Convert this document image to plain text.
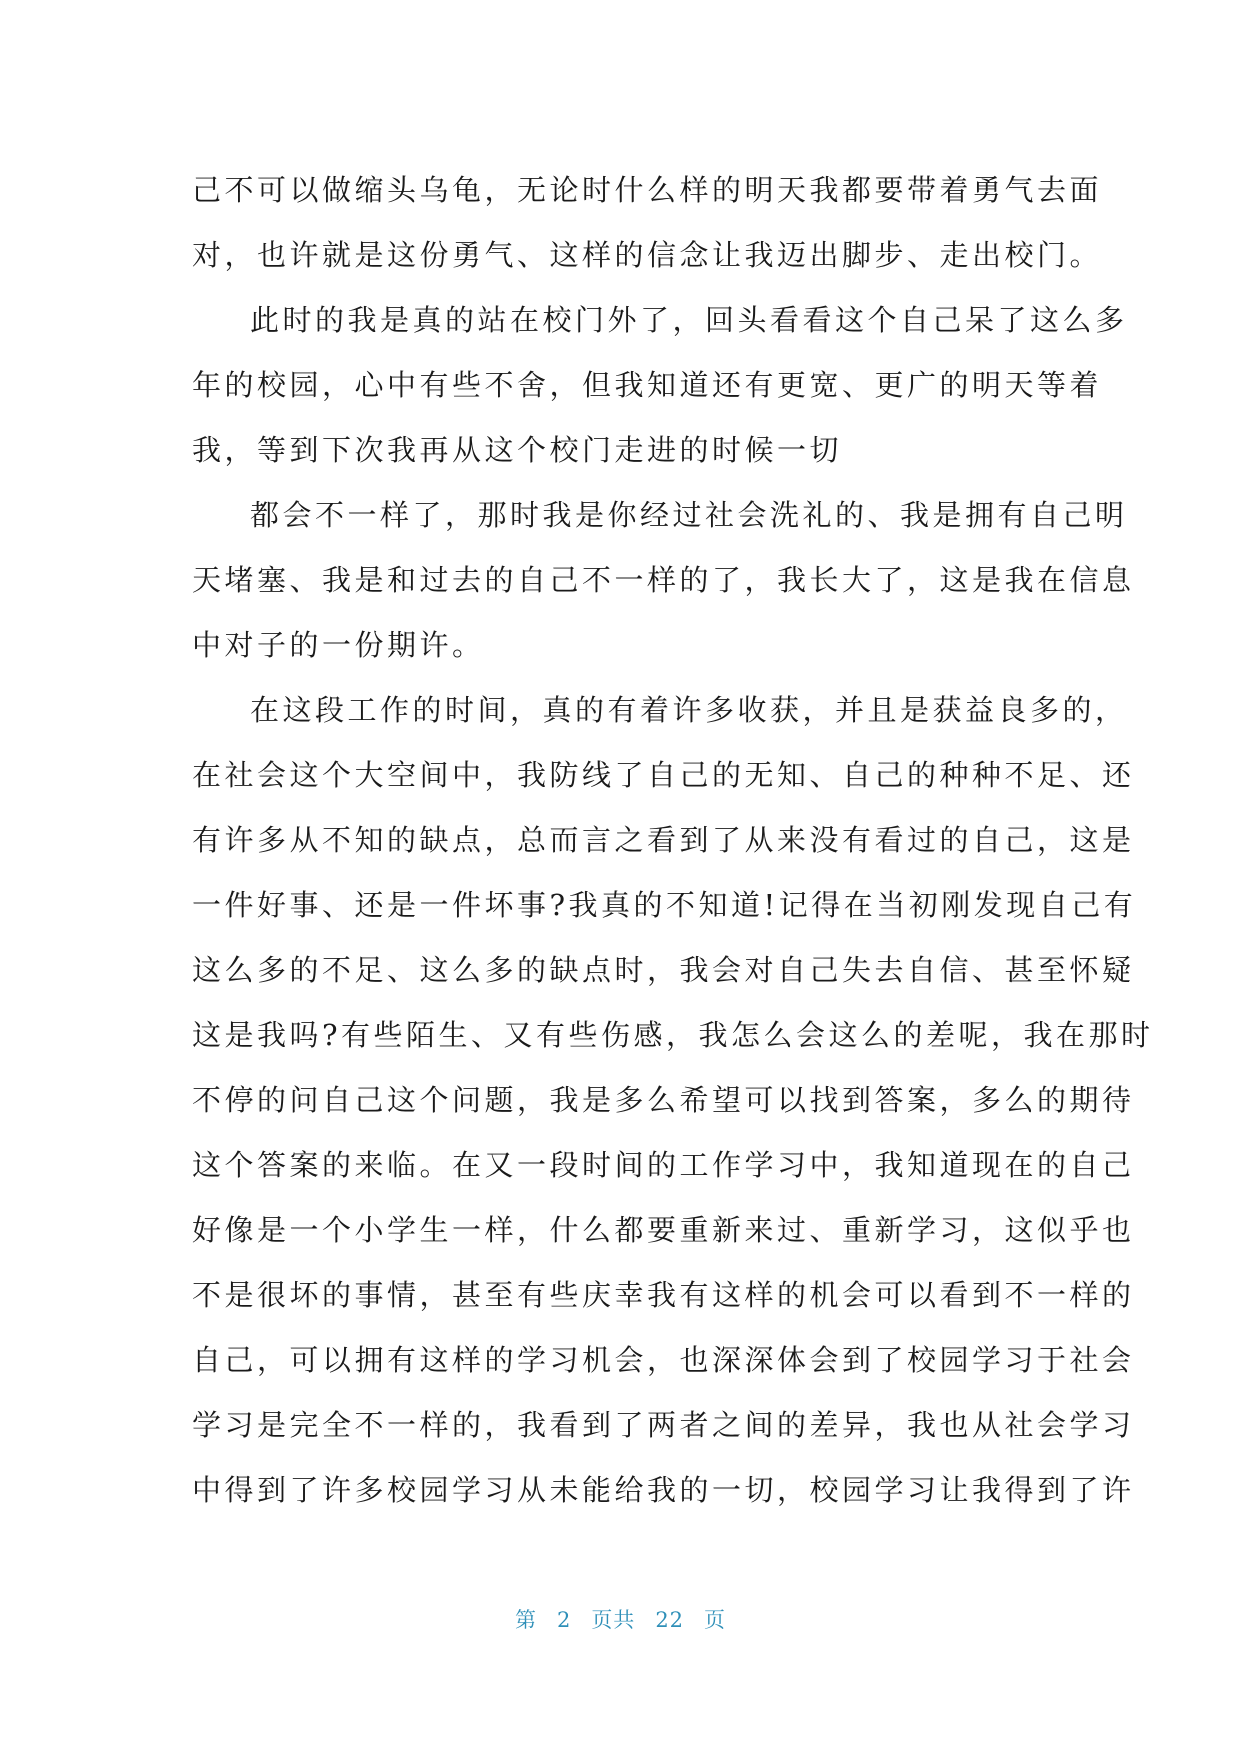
己不可以做缩头乌龟，无论时什么样的明天我都要带着勇气去面
对，也许就是这份勇气、这样的信念让我迈出脚步、走出校门。
此时的我是真的站在校门外了，回头看看这个自己呆了这么多
年的校园，心中有些不舍，但我知道还有更宽、更广的明天等着
我，等到下次我再从这个校门走进的时候一切
都会不一样了，那时我是你经过社会洗礼的、我是拥有自己明
天堵塞、我是和过去的自己不一样的了，我长大了，这是我在信息
中对子的一份期许。
在这段工作的时间，真的有着许多收获，并且是获益良多的，
在社会这个大空间中，我防线了自己的无知、自己的种种不足、还
有许多从不知的缺点，总而言之看到了从来没有看过的自己，这是
一件好事、还是一件坏事?我真的不知道!记得在当初刚发现自己有
这么多的不足、这么多的缺点时，我会对自己失去自信、甚至怀疑
这是我吗?有些陌生、又有些伤感，我怎么会这么的差呢，我在那时
不停的问自己这个问题，我是多么希望可以找到答案，多么的期待
这个答案的来临。在又一段时间的工作学习中，我知道现在的自己
好像是一个小学生一样，什么都要重新来过、重新学习，这似乎也
不是很坏的事情，甚至有些庆幸我有这样的机会可以看到不一样的
自己，可以拥有这样的学习机会，也深深体会到了校园学习于社会
学习是完全不一样的，我看到了两者之间的差异，我也从社会学习
中得到了许多校园学习从未能给我的一切，校园学习让我得到了许
第 2 页共 22 页
